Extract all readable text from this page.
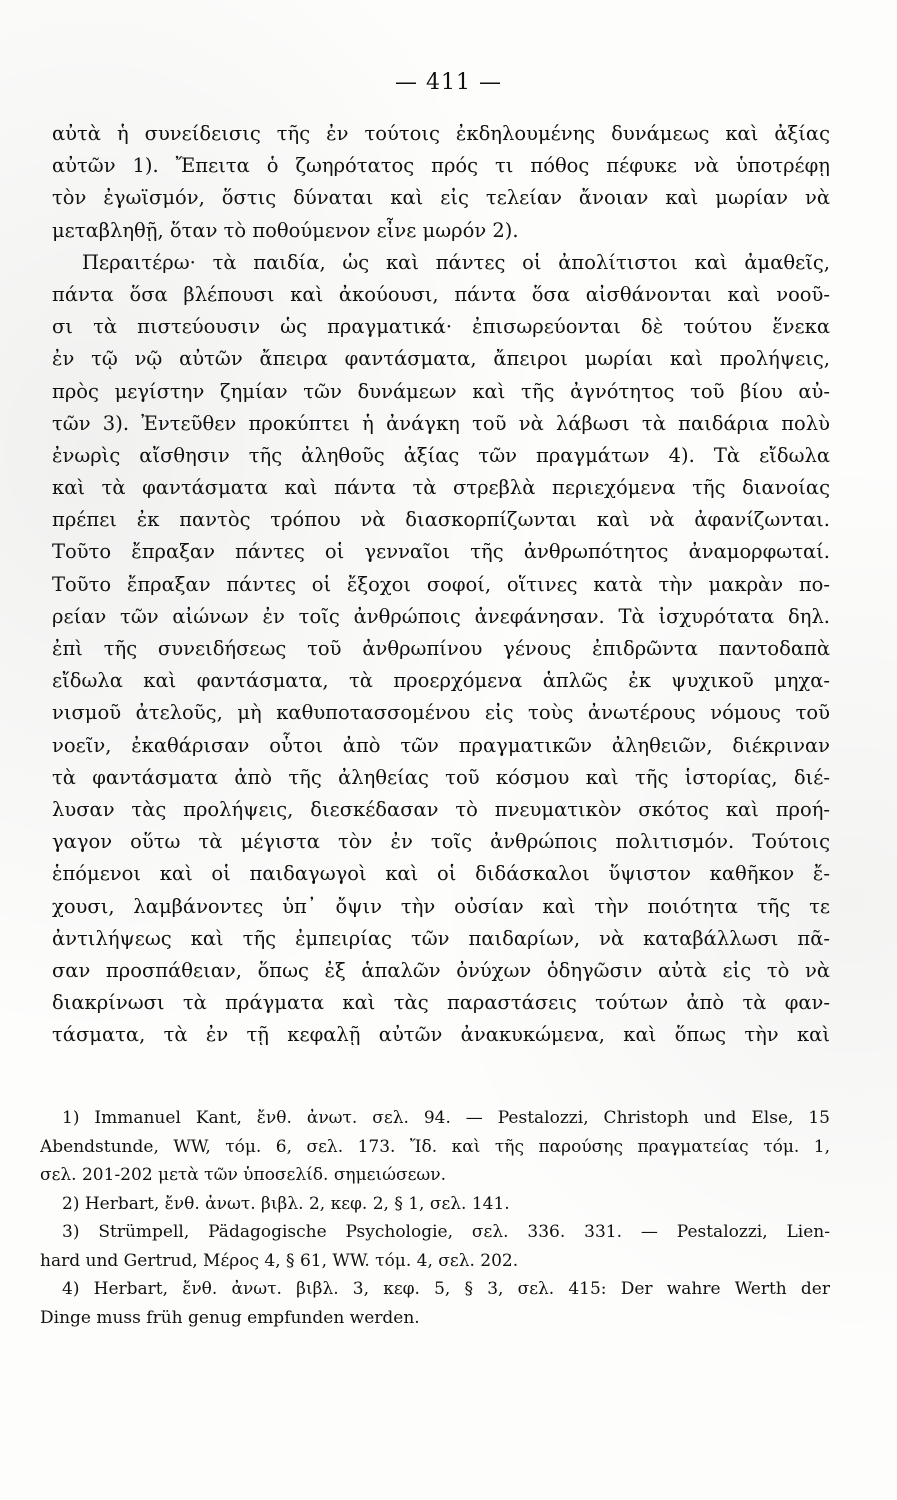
— 411 —
αὐτὰ ἡ συνείδεισις τῆς ἐν τούτοις ἐκδηλουμένης δυνάμεως καὶ ἀξίας
αὐτῶν 1). Ἔπειτα ὁ ζωηρότατος πρός τι πόθος πέφυκε νὰ ὑποτρέφῃ
τὸν ἐγωϊσμόν, ὅστις δύναται καὶ εἰς τελείαν ἄνοιαν καὶ μωρίαν νὰ
μεταβληθῇ, ὅταν τὸ ποθούμενον εἶνε μωρόν 2).
Περαιτέρω· τὰ παιδία, ὡς καὶ πάντες οἱ ἀπολίτιστοι καὶ ἀμαθεῖς,
πάντα ὅσα βλέπουσι καὶ ἀκούουσι, πάντα ὅσα αἰσθάνονται καὶ νοοῦ-
σι τὰ πιστεύουσιν ὡς πραγματικά· ἐπισωρεύονται δὲ τούτου ἕνεκα
ἐν τῷ νῷ αὐτῶν ἄπειρα φαντάσματα, ἄπειροι μωρίαι καὶ προλήψεις,
πρὸς μεγίστην ζημίαν τῶν δυνάμεων καὶ τῆς ἀγνότητος τοῦ βίου αὐ-
τῶν 3). Ἐντεῦθεν προκύπτει ἡ ἀνάγκη τοῦ νὰ λάβωσι τὰ παιδάρια πολὺ
ἐνωρὶς αἴσθησιν τῆς ἀληθοῦς ἀξίας τῶν πραγμάτων 4). Τὰ εἴδωλα
καὶ τὰ φαντάσματα καὶ πάντα τὰ στρεβλὰ περιεχόμενα τῆς διανοίας
πρέπει ἐκ παντὸς τρόπου νὰ διασκορπίζωνται καὶ νὰ ἀφανίζωνται.
Τοῦτο ἔπραξαν πάντες οἱ γενναῖοι τῆς ἀνθρωπότητος ἀναμορφωταί.
Τοῦτο ἔπραξαν πάντες οἱ ἔξοχοι σοφοί, οἵτινες κατὰ τὴν μακρὰν πο-
ρείαν τῶν αἰώνων ἐν τοῖς ἀνθρώποις ἀνεφάνησαν. Τὰ ἰσχυρότατα δηλ.
ἐπὶ τῆς συνειδήσεως τοῦ ἀνθρωπίνου γένους ἐπιδρῶντα παντοδαπὰ
εἴδωλα καὶ φαντάσματα, τὰ προερχόμενα ἁπλῶς ἐκ ψυχικοῦ μηχα-
νισμοῦ ἀτελοῦς, μὴ καθυποτασσομένου εἰς τοὺς ἀνωτέρους νόμους τοῦ
νοεῖν, ἐκαθάρισαν οὗτοι ἀπὸ τῶν πραγματικῶν ἀληθειῶν, διέκριναν
τὰ φαντάσματα ἀπὸ τῆς ἀληθείας τοῦ κόσμου καὶ τῆς ἱστορίας, διέ-
λυσαν τὰς προλήψεις, διεσκέδασαν τὸ πνευματικὸν σκότος καὶ προή-
γαγον οὕτω τὰ μέγιστα τὸν ἐν τοῖς ἀνθρώποις πολιτισμόν. Τούτοις
ἑπόμενοι καὶ οἱ παιδαγωγοὶ καὶ οἱ διδάσκαλοι ὕψιστον καθῆκον ἔ-
χουσι, λαμβάνοντες ὑπ᾿ ὄψιν τὴν οὐσίαν καὶ τὴν ποιότητα τῆς τε
ἀντιλήψεως καὶ τῆς ἐμπειρίας τῶν παιδαρίων, νὰ καταβάλλωσι πᾶ-
σαν προσπάθειαν, ὅπως ἐξ ἁπαλῶν ὀνύχων ὁδηγῶσιν αὐτὰ εἰς τὸ νὰ
διακρίνωσι τὰ πράγματα καὶ τὰς παραστάσεις τούτων ἀπὸ τὰ φαν-
τάσματα, τὰ ἐν τῇ κεφαλῇ αὐτῶν ἀνακυκώμενα, καὶ ὅπως τὴν καὶ
1) Immanuel Kant, ἔνθ. ἀνωτ. σελ. 94. — Pestalozzi, Christoph und Else, 15
Abendstunde, WW, τόμ. 6, σελ. 173. Ἴδ. καὶ τῆς παρούσης πραγματείας τόμ. 1,
σελ. 201-202 μετὰ τῶν ὑποσελίδ. σημειώσεων.
2) Herbart, ἔνθ. ἀνωτ. βιβλ. 2, κεφ. 2, § 1, σελ. 141.
3) Strümpell, Pädagogische Psychologie, σελ. 336. 331. — Pestalozzi, Lien-
hard und Gertrud, Μέρος 4, § 61, WW. τόμ. 4, σελ. 202.
4) Herbart, ἔνθ. ἀνωτ. βιβλ. 3, κεφ. 5, § 3, σελ. 415: Der wahre Werth der
Dinge muss früh genug empfunden werden.
